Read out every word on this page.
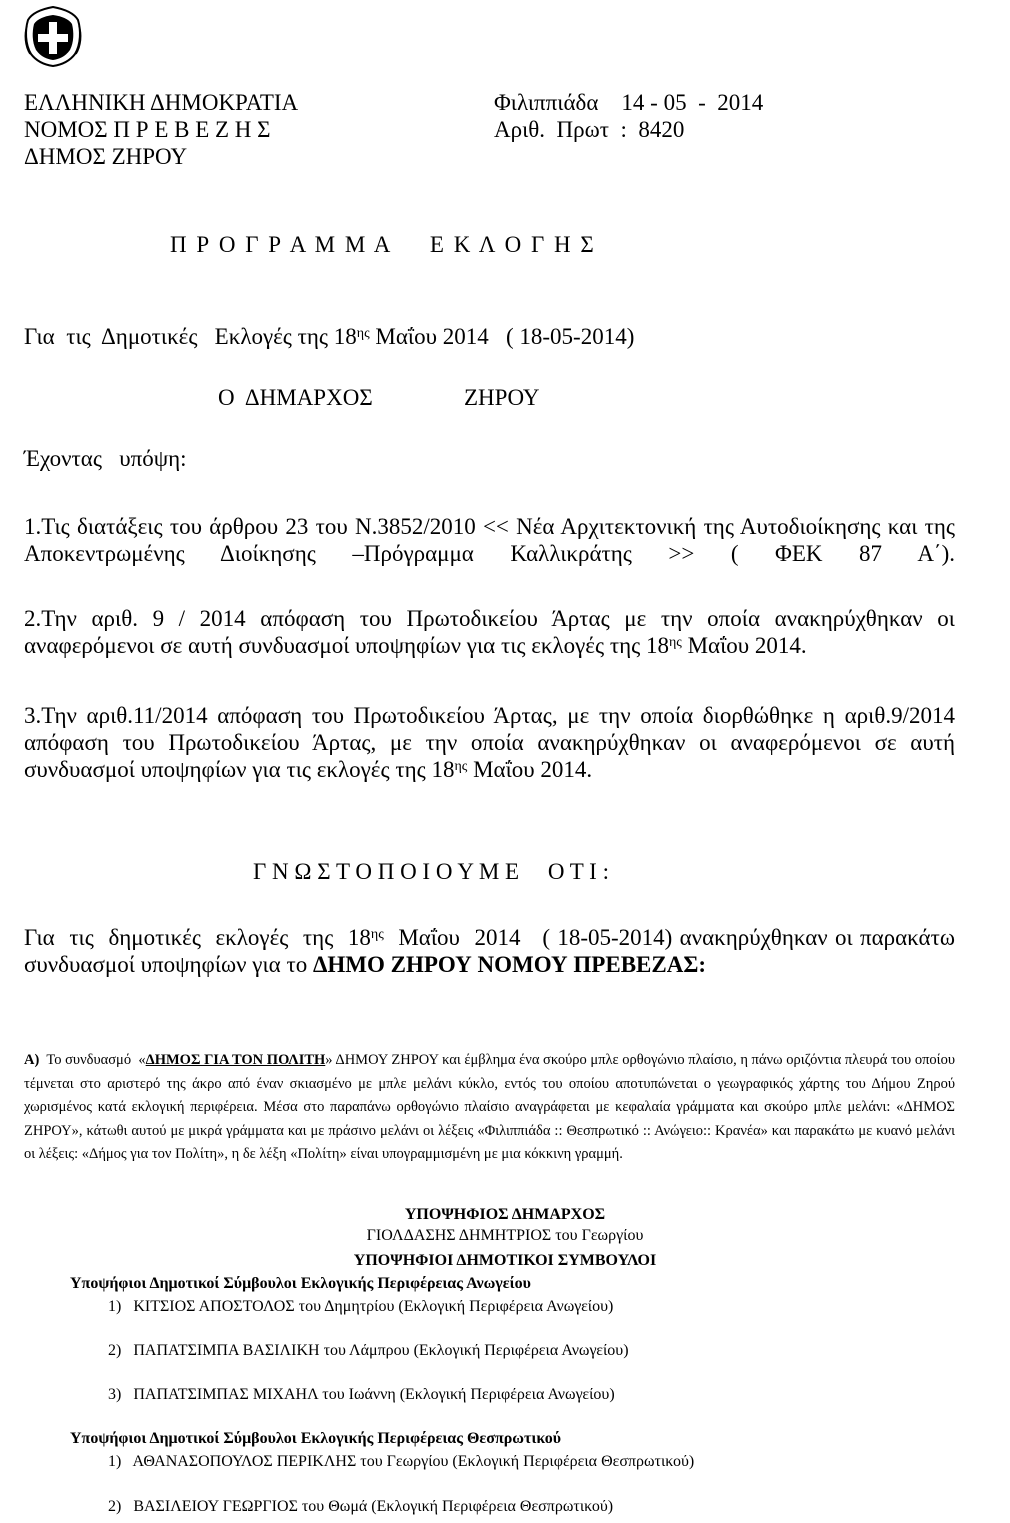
ΕΛΛΗΝΙΚΗ ΔΗΜΟΚΡΑΤΙΑ
ΝΟΜΟΣ Π Ρ Ε Β Ε Ζ Η Σ
ΔΗΜΟΣ ΖΗΡΟΥ
Φιλιππιάδα    14 - 05  -  2014
Αριθ.  Πρωτ  :  8420
Π Ρ Ο Γ Ρ Α Μ Μ Α     Ε Κ Λ Ο Γ Η Σ
Για  τις  Δημοτικές   Εκλογές της $18^{\eta\varsigma}$ Μαΐου 2014   ( 18-05-2014)
Ο  ΔΗΜΑΡΧΟΣ	ΖΗΡΟΥ
Έχοντας   υπόψη:
1.Τις διατάξεις του άρθρου 23 του Ν.3852/2010 << Νέα Αρχιτεκτονική της Αυτοδιοίκησης και της Αποκεντρωμένης Διοίκησης –Πρόγραμμα Καλλικράτης >> ( ΦΕΚ 87 Α΄).
2.Την αριθ. 9 / 2014 απόφαση του Πρωτοδικείου Άρτας με την οποία ανακηρύχθηκαν οι αναφερόμενοι σε αυτή συνδυασμοί υποψηφίων για τις εκλογές της $18^{\eta\varsigma}$ Μαΐου 2014.
3.Την αριθ.11/2014 απόφαση του Πρωτοδικείου Άρτας, με την οποία διορθώθηκε η αριθ.9/2014 απόφαση του Πρωτοδικείου Άρτας, με την οποία ανακηρύχθηκαν οι αναφερόμενοι σε αυτή συνδυασμοί υποψηφίων για τις εκλογές της $18^{\eta\varsigma}$ Μαΐου 2014.
Γ Ν Ω Σ Τ Ο Π Ο Ι Ο Υ Μ Ε     Ο Τ Ι :
Για  τις  δημοτικές  εκλογές  της  $18^{\eta\varsigma}$  Μαΐου  2014   ( 18-05-2014) ανακηρύχθηκαν οι παρακάτω συνδυασμοί υποψηφίων για το ΔΗΜΟ ΖΗΡΟΥ ΝΟΜΟΥ ΠΡΕΒΕΖΑΣ:
Α)  Το συνδυασμό  «ΔΗΜΟΣ ΓΙΑ ΤΟΝ ΠΟΛΙΤΗ» ΔΗΜΟΥ ΖΗΡΟΥ και έμβλημα ένα σκούρο μπλε ορθογώνιο πλαίσιο, η πάνω οριζόντια πλευρά του οποίου τέμνεται στο αριστερό της άκρο από έναν σκιασμένο με μπλε μελάνι κύκλο, εντός του οποίου αποτυπώνεται ο γεωγραφικός χάρτης του Δήμου Ζηρού χωρισμένος κατά εκλογική περιφέρεια. Μέσα στο παραπάνω ορθογώνιο πλαίσιο αναγράφεται με κεφαλαία γράμματα και σκούρο μπλε μελάνι: «ΔΗΜΟΣ ΖΗΡΟΥ», κάτωθι αυτού με μικρά γράμματα και με πράσινο μελάνι οι λέξεις «Φιλιππιάδα :: Θεσπρωτικό :: Ανώγειο:: Κρανέα» και παρακάτω με κυανό μελάνι οι λέξεις: «Δήμος για τον Πολίτη», η δε λέξη «Πολίτη» είναι υπογραμμισμένη με μια κόκκινη γραμμή.
ΥΠΟΨΗΦΙΟΣ ΔΗΜΑΡΧΟΣ
ΓΙΟΛΔΑΣΗΣ ΔΗΜΗΤΡΙΟΣ του Γεωργίου
ΥΠΟΨΗΦΙΟΙ ΔΗΜΟΤΙΚΟΙ ΣΥΜΒΟΥΛΟΙ
Υποψήφιοι Δημοτικοί Σύμβουλοι Εκλογικής Περιφέρειας Ανωγείου
1)   ΚΙΤΣΙΟΣ ΑΠΟΣΤΟΛΟΣ του Δημητρίου (Εκλογική Περιφέρεια Ανωγείου)
2)   ΠΑΠΑΤΣΙΜΠΑ ΒΑΣΙΛΙΚΗ του Λάμπρου (Εκλογική Περιφέρεια Ανωγείου)
3)   ΠΑΠΑΤΣΙΜΠΑΣ ΜΙΧΑΗΛ του Ιωάννη (Εκλογική Περιφέρεια Ανωγείου)
Υποψήφιοι Δημοτικοί Σύμβουλοι Εκλογικής Περιφέρειας Θεσπρωτικού
1)   ΑΘΑΝΑΣΟΠΟΥΛΟΣ ΠΕΡΙΚΛΗΣ του Γεωργίου (Εκλογική Περιφέρεια Θεσπρωτικού)
2)   ΒΑΣΙΛΕΙΟΥ ΓΕΩΡΓΙΟΣ του Θωμά (Εκλογική Περιφέρεια Θεσπρωτικού)
